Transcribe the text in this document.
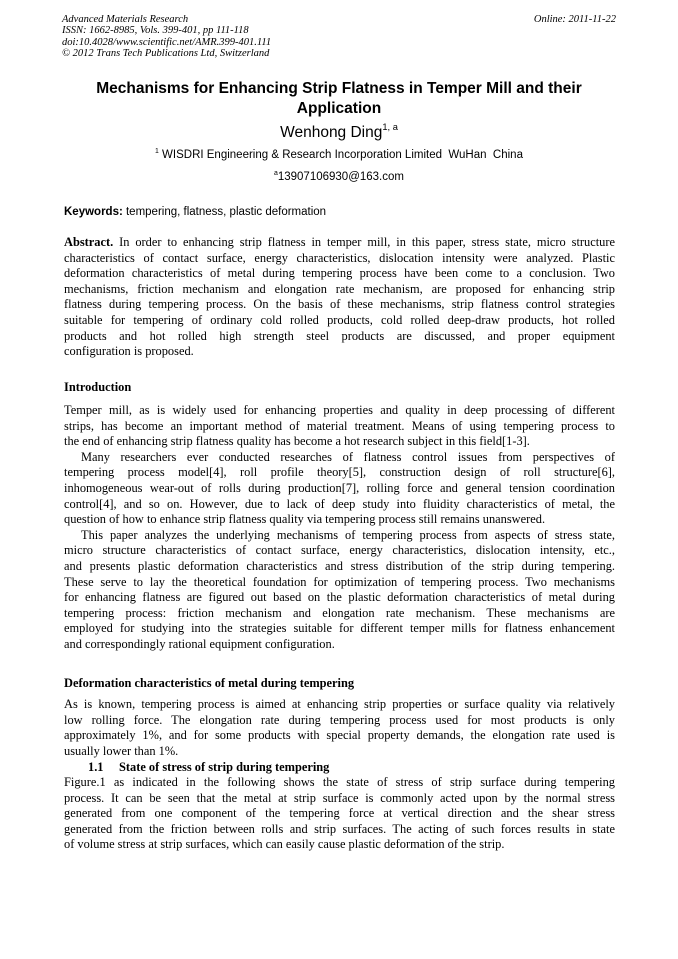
Advanced Materials Research
ISSN: 1662-8985, Vols. 399-401, pp 111-118
doi:10.4028/www.scientific.net/AMR.399-401.111
© 2012 Trans Tech Publications Ltd, Switzerland
Online: 2011-11-22
Mechanisms for Enhancing Strip Flatness in Temper Mill and their
Application
Wenhong Ding$^{1, a}$
$^1$ WISDRI Engineering & Research Incorporation Limited  WuHan  China
$^a$13907106930@163.com
Keywords: tempering, flatness, plastic deformation
Abstract. In order to enhancing strip flatness in temper mill, in this paper, stress state, micro structure
characteristics of contact surface, energy characteristics, dislocation intensity were analyzed. Plastic
deformation characteristics of metal during tempering process have been come to a conclusion. Two
mechanisms, friction mechanism and elongation rate mechanism, are proposed for enhancing strip
flatness during tempering process. On the basis of these mechanisms, strip flatness control strategies
suitable for tempering of ordinary cold rolled products, cold rolled deep-draw products, hot rolled
products and hot rolled high strength steel products are discussed, and proper equipment
configuration is proposed.
Introduction
Temper mill, as is widely used for enhancing properties and quality in deep processing of different
strips, has become an important method of material treatment. Means of using tempering process to
the end of enhancing strip flatness quality has become a hot research subject in this field[1-3].
Many researchers ever conducted researches of flatness control issues from perspectives of
tempering process model[4], roll profile theory[5], construction design of roll structure[6],
inhomogeneous wear-out of rolls during production[7], rolling force and general tension coordination
control[4], and so on. However, due to lack of deep study into fluidity characteristics of metal, the
question of how to enhance strip flatness quality via tempering process still remains unanswered.
This paper analyzes the underlying mechanisms of tempering process from aspects of stress state,
micro structure characteristics of contact surface, energy characteristics, dislocation intensity, etc.,
and presents plastic deformation characteristics and stress distribution of the strip during tempering.
These serve to lay the theoretical foundation for optimization of tempering process. Two mechanisms
for enhancing flatness are figured out based on the plastic deformation characteristics of metal during
tempering process: friction mechanism and elongation rate mechanism. These mechanisms are
employed for studying into the strategies suitable for different temper mills for flatness enhancement
and correspondingly rational equipment configuration.
Deformation characteristics of metal during tempering
As is known, tempering process is aimed at enhancing strip properties or surface quality via relatively
low rolling force. The elongation rate during tempering process used for most products is only
approximately 1%, and for some products with special property demands, the elongation rate used is
usually lower than 1%.
1.1     State of stress of strip during tempering
Figure.1 as indicated in the following shows the state of stress of strip surface during tempering
process. It can be seen that the metal at strip surface is commonly acted upon by the normal stress
generated from one component of the tempering force at vertical direction and the shear stress
generated from the friction between rolls and strip surfaces. The acting of such forces results in state
of volume stress at strip surfaces, which can easily cause plastic deformation of the strip.
